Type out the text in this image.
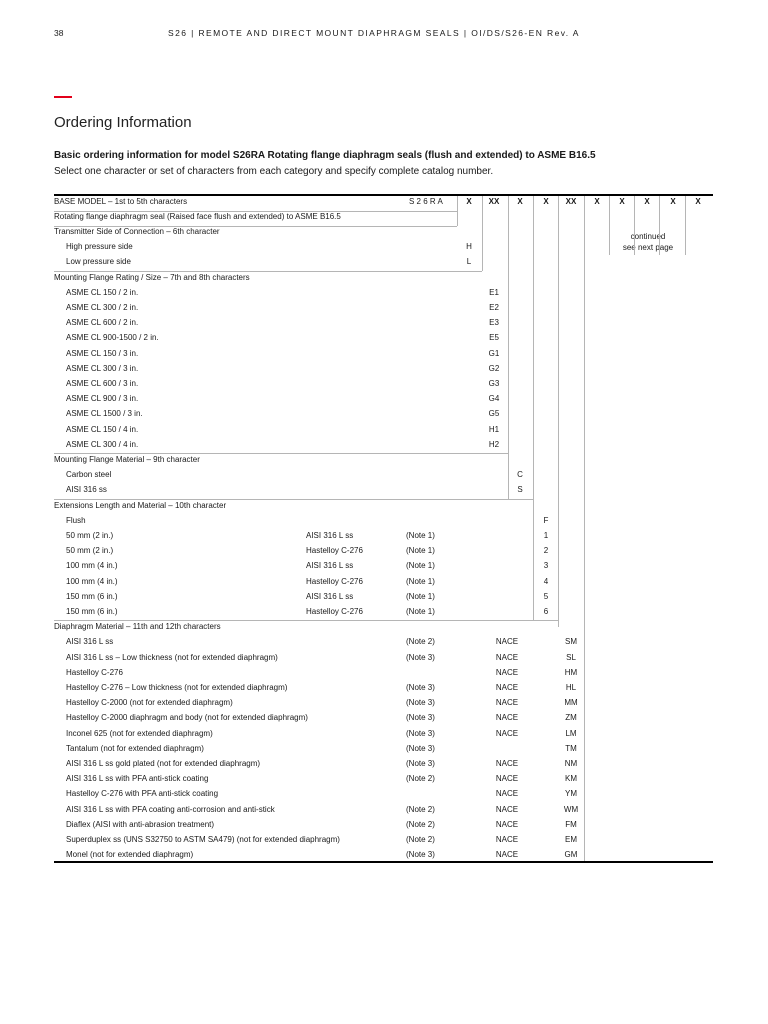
38	S26 | REMOTE AND DIRECT MOUNT DIAPHRAGM SEALS | OI/DS/S26-EN Rev. A
Ordering Information
Basic ordering information for model S26RA Rotating flange diaphragm seals (flush and extended) to ASME B16.5
Select one character or set of characters from each category and specify complete catalog number.
BASE MODEL – 1st to 5th characters	S 2 6 R A	X XX X	X XX X X X	X X
Rotating flange diaphragm seal (Raised face flush and extended) to ASME B16.5
continued
see next page
Transmitter Side of Connection – 6th character
High pressure side	H
Low pressure side	L
Mounting Flange Rating / Size – 7th and 8th characters
ASME CL 150 / 2 in.	E1
ASME CL 300 / 2 in.	E2
ASME CL 600 / 2 in.	E3
ASME CL 900-1500 / 2 in.	E5
ASME CL 150 / 3 in.	G1
ASME CL 300 / 3 in.	G2
ASME CL 600 / 3 in.	G3
ASME CL 900 / 3 in.	G4
ASME CL 1500 / 3 in.	G5
ASME CL 150 / 4 in.	H1
ASME CL 300 / 4 in.	H2
Mounting Flange Material – 9th character
Carbon steel	C
AISI 316 ss	S
Extensions Length and Material – 10th character
Flush	F
50 mm (2 in.)	AISI 316 L ss	(Note 1)	1
50 mm (2 in.)	Hastelloy C-276	(Note 1)	2
100 mm (4 in.)	AISI 316 L ss	(Note 1)	3
100 mm (4 in.)	Hastelloy C-276	(Note 1)	4
150 mm (6 in.)	AISI 316 L ss	(Note 1)	5
150 mm (6 in.)	Hastelloy C-276	(Note 1)	6
Diaphragm Material – 11th and 12th characters
AISI 316 L ss	(Note 2)	NACE	SM
AISI 316 L ss – Low thickness (not for extended diaphragm)	(Note 3)	NACE	SL
Hastelloy C-276	NACE	HM
Hastelloy C-276 – Low thickness (not for extended diaphragm)	(Note 3)	NACE	HL
Hastelloy C-2000 (not for extended diaphragm)	(Note 3)	NACE	MM
Hastelloy C-2000 diaphragm and body (not for extended diaphragm)	(Note 3)	NACE	ZM
Inconel 625 (not for extended diaphragm)	(Note 3)	NACE	LM
Tantalum (not for extended diaphragm)	(Note 3)	TM
AISI 316 L ss gold plated (not for extended diaphragm)	(Note 3)	NACE	NM
AISI 316 L ss with PFA anti-stick coating	(Note 2)	NACE	KM
Hastelloy C-276 with PFA anti-stick coating	NACE	YM
AISI 316 L ss with PFA coating anti-corrosion and anti-stick	(Note 2)	NACE	WM
Diaflex (AISI with anti-abrasion treatment)	(Note 2)	NACE	FM
Superduplex ss (UNS S32750 to ASTM SA479) (not for extended diaphragm)	(Note 2)	NACE	EM
Monel (not for extended diaphragm)	(Note 3)	NACE	GM
